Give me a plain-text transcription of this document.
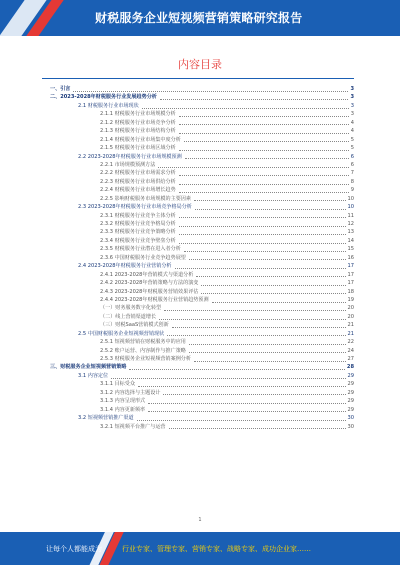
财税服务企业短视频营销策略研究报告
内容目录
一、引言	3
二、2023-2028年财税服务行业发展趋势分析	3
2.1 财税服务行业市场现状	3
2.1.1 财税服务行业市场规模分析	3
2.1.2 财税服务行业市场竞争分析	4
2.1.3 财税服务行业市场结构分析	4
2.1.4 财税服务行业市场集中度分析	5
2.1.5 财税服务行业市场区域分析	5
2.2 2023-2028年财税服务行业市场规模预测	6
2.2.1 市场规模预测方法	6
2.2.2 财税服务行业市场需求分析	7
2.2.3 财税服务行业市场供给分析	8
2.2.4 财税服务行业市场增长趋势	9
2.2.5 影响财税服务市场规模的主要因素	10
2.3 2023-2028年财税服务行业市场竞争格局分析	10
2.3.1 财税服务行业竞争主体分析	11
2.3.2 财税服务行业竞争格局分析	12
2.3.3 财税服务行业竞争策略分析	13
2.3.4 财税服务行业竞争壁垒分析	14
2.3.5 财税服务行业潜在进入者分析	15
2.3.6 中国财税服务行业竞争趋势展望	16
2.4 2023-2028年财税服务行业营销分析	17
2.4.1 2023-2028年营销模式与渠道分析	17
2.4.2 2023-2028年营销策略与方法的演变	17
2.4.3 2023-2028年财税服务营销效果评估	18
2.4.4 2023-2028年财税服务行业营销趋势预测	19
（一）财务服务数字化转型	20
（二）线上营销渠道增长	20
（三）财税SaaS营销模式创新	21
2.5 中国财税服务企业短视频营销现状	21
2.5.1 短视频营销在财税服务中的应用	22
2.5.2 账户运营、内容制作与推广策略	24
2.5.3 财税服务企业短视频营销案例分析	27
三、财税服务企业短视频营销策略	28
3.1 内容定位	29
3.1.1 目标受众	29
3.1.2 内容选择与主题设计	29
3.1.3 内容呈现形式	29
3.1.4 内容更新频率	29
3.2 短视频营销推广渠道	30
3.2.1 短视频平台推广与运营	30
1
让每个人都能成为	行业专家、管理专家、营销专家、战略专家、成功企业家……
